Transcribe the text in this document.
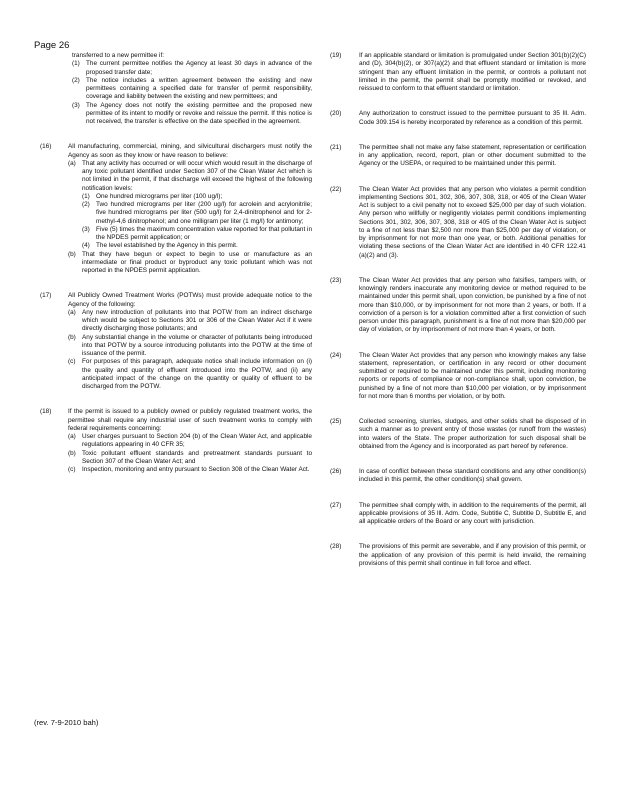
Page 26

transferred to a new permittee if:

(1) The current permittee notifies the Agency at least 30 days in advance of the proposed transfer date;
(2) The notice includes a written agreement between the existing and new permittees containing a specified date for transfer of permit responsibility, coverage and liability between the existing and new permittees; and
(3) The Agency does not notify the existing permittee and the proposed new permittee of its intent to modify or revoke and reissue the permit. If this notice is not received, the transfer is effective on the date specified in the agreement.
(16)	All manufacturing, commercial, mining, and silvicultural dischargers must notify the Agency as soon as they know or have reason to believe:

(a) That any activity has occurred or will occur which would result in the discharge of any toxic pollutant identified under Section 307 of the Clean Water Act which is not limited in the permit, if that discharge will exceed the highest of the following notification levels:

(1) One hundred micrograms per liter (100 ug/l);
(2) Two hundred micrograms per liter (200 ug/l) for acrolein and acrylonitrile; five hundred micrograms per liter (500 ug/l) for 2,4-dinitrophenol and for 2-methyl-4,6 dinitrophenol; and one milligram per liter (1 mg/l) for antimony;
(3) Five (5) times the maximum concentration value reported for that pollutant in the NPDES permit application; or
(4) The level established by the Agency in this permit.
(b) That they have begun or expect to begin to use or manufacture as an intermediate or final product or byproduct any toxic pollutant which was not reported in the NPDES permit application.
(17)	All Publicly Owned Treatment Works (POTWs) must provide adequate notice to the Agency of the following:

(a) Any new introduction of pollutants into that POTW from an indirect discharge which would be subject to Sections 301 or 306 of the Clean Water Act if it were directly discharging those pollutants; and
(b) Any substantial change in the volume or character of pollutants being introduced into that POTW by a source introducing pollutants into the POTW at the time of issuance of the permit.
(c)	For purposes of this paragraph, adequate notice shall include information on (i) the quality and quantity of effluent introduced into the POTW, and (ii) any anticipated impact of the change on the quantity or quality of effluent to be discharged from the POTW.
(18)	If the permit is issued to a publicly owned or publicly regulated treatment works, the permittee shall require any industrial user of such treatment works to comply with federal requirements concerning:

(a) User charges pursuant to Section 204 (b) of the Clean Water Act, and applicable regulations appearing in 40 CFR 35;
(b) Toxic pollutant effluent standards and pretreatment standards pursuant to Section 307 of the Clean Water Act; and
(c)	Inspection, monitoring and entry pursuant to Section 308 of the Clean Water Act.
(19)	If an applicable standard or limitation is promulgated under Section 301(b)(2)(C) and (D), 304(b)(2), or 307(a)(2) and that effluent standard or limitation is more stringent than any effluent limitation in the permit, or controls a pollutant not limited in the permit, the permit shall be promptly modified or revoked, and reissued to conform to that effluent standard or limitation.
(20)	Any authorization to construct issued to the permittee pursuant to 35 Ill. Adm. Code 309.154 is hereby incorporated by reference as a condition of this permit.
(21)	The permittee shall not make any false statement, representation or certification in any application, record, report, plan or other document submitted to the Agency or the USEPA, or required to be maintained under this permit.
(22)	The Clean Water Act provides that any person who violates a permit condition implementing Sections 301, 302, 306, 307, 308, 318, or 405 of the Clean Water Act is subject to a civil penalty not to exceed $25,000 per day of such violation. Any person who willfully or negligently violates permit conditions implementing Sections 301, 302, 306, 307, 308, 318 or 405 of the Clean Water Act is subject to a fine of not less than $2,500 nor more than $25,000 per day of violation, or by imprisonment for not more than one year, or both. Additional penalties for violating these sections of the Clean Water Act are identified in 40 CFR 122.41 (a)(2) and (3).
(23)	The Clean Water Act provides that any person who falsifies, tampers with, or knowingly renders inaccurate any monitoring device or method required to be maintained under this permit shall, upon conviction, be punished by a fine of not more than $10,000, or by imprisonment for not more than 2 years, or both. If a conviction of a person is for a violation committed after a first conviction of such person under this paragraph, punishment is a fine of not more than $20,000 per day of violation, or by imprisonment of not more than 4 years, or both.
(24)	The Clean Water Act provides that any person who knowingly makes any false statement, representation, or certification in any record or other document submitted or required to be maintained under this permit, including monitoring reports or reports of compliance or non-compliance shall, upon conviction, be punished by a fine of not more than $10,000 per violation, or by imprisonment for not more than 6 months per violation, or by both.
(25)	Collected screening, slurries, sludges, and other solids shall be disposed of in such a manner as to prevent entry of those wastes (or runoff from the wastes) into waters of the State. The proper authorization for such disposal shall be obtained from the Agency and is incorporated as part hereof by reference.
(26)	In case of conflict between these standard conditions and any other condition(s) included in this permit, the other condition(s) shall govern.
(27)	The permittee shall comply with, in addition to the requirements of the permit, all applicable provisions of 35 Ill. Adm. Code, Subtitle C, Subtitle D, Subtitle E, and all applicable orders of the Board or any court with jurisdiction.
(28)	The provisions of this permit are severable, and if any provision of this permit, or the application of any provision of this permit is held invalid, the remaining provisions of this permit shall continue in full force and effect.
(rev. 7-9-2010 bah)
